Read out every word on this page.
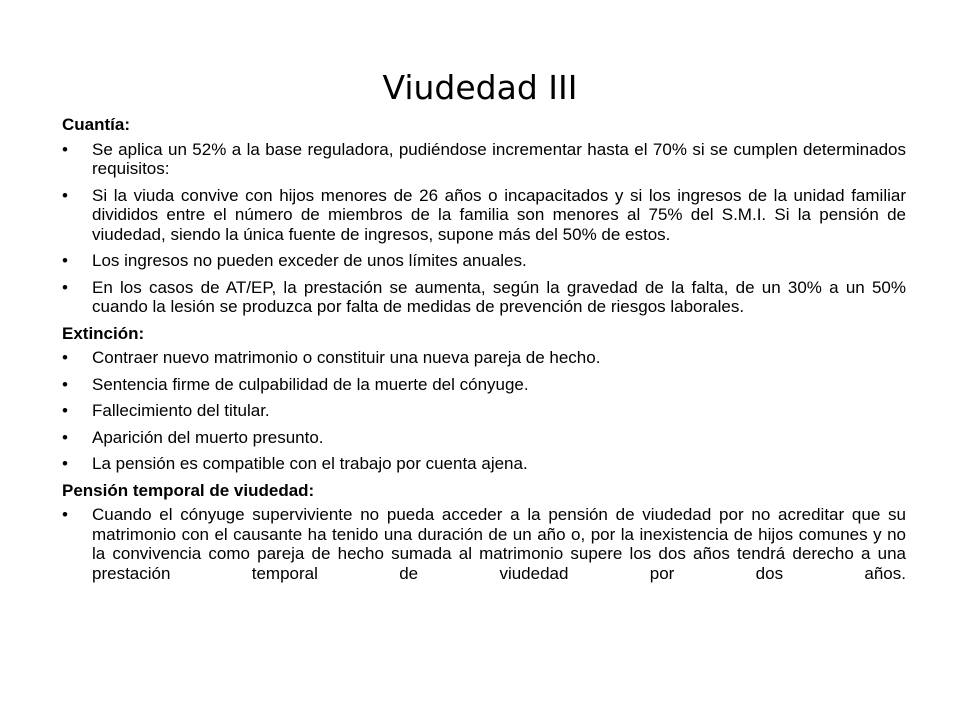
Viudedad III
Cuantía:
• Se aplica un 52% a la base reguladora, pudiéndose incrementar hasta el 70% si se cumplen determinados requisitos:
• Si la viuda convive con hijos menores de 26 años o incapacitados y si los ingresos de la unidad familiar divididos entre el número de miembros de la familia son menores al 75% del S.M.I. Si la pensión de viudedad, siendo la única fuente de ingresos, supone más del 50% de estos.
• Los ingresos no pueden exceder de unos límites anuales.
• En los casos de AT/EP, la prestación se aumenta, según la gravedad de la falta, de un 30% a un 50% cuando la lesión se produzca por falta de medidas de prevención de riesgos laborales.
Extinción:
• Contraer nuevo matrimonio o constituir una nueva pareja de hecho.
• Sentencia firme de culpabilidad de la muerte del cónyuge.
• Fallecimiento del titular.
• Aparición del muerto presunto.
• La pensión es compatible con el trabajo por cuenta ajena.
Pensión temporal de viudedad:
• Cuando el cónyuge superviviente no pueda acceder a la pensión de viudedad por no acreditar que su matrimonio con el causante ha tenido una duración de un año o, por la inexistencia de hijos comunes y no la convivencia como pareja de hecho sumada al matrimonio supere los dos años tendrá derecho a una prestación temporal de viudedad por dos años.
